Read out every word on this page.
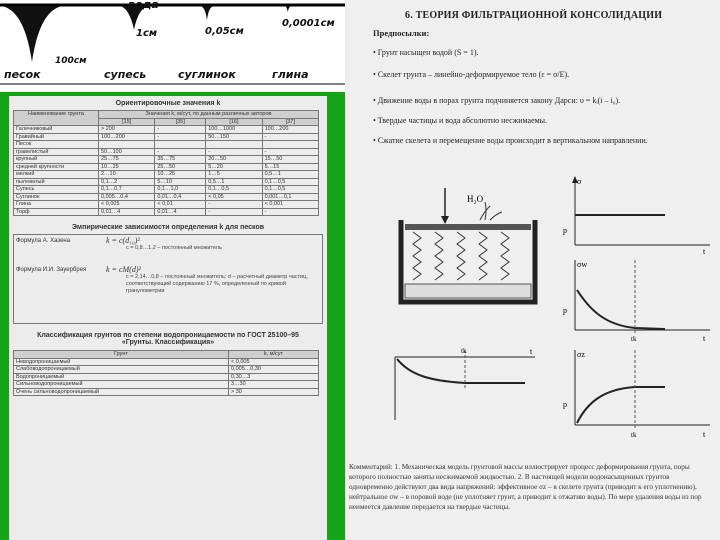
вода
1см	0,05см
0,0001см
100см
песок	супесь	суглинок	глина
Ориентировочные значения k
Наименование грунта	Значения k, м/сут, по данным различных авторов			
	[15]	[35]	[16]	[37]
Галечниковый	> 200	-	100…1000	100…200
Гравийный	100…200	-	50…150	-
Песок				
гравелистый	50…100	-	-	-
крупный	25…75	35…75	20…50	15…50
средней крупности	10…25	25…50	5…20	5…15
мелкий	2…10	10…25	1…5	0,5…1
пылеватый	0,1…2	5…10	0,5…1	0,1…0,5
Супесь	0,1…0,7	0,1…1,0	0,1…0,5	0,1…0,5
Суглинок	0,005…0,4	0,01…0,4	< 0,05	0,001…0,1
Глина	< 0,005	< 0,01	-	< 0,001
Торф	0,01…4	0,01…4	-	-
Эмпирические зависимости определения k для песков
Формула А. Хазена	k = c(d₁₀)²
c = 0,8…1,2 – постоянный множитель
Формула И.И. Зауербрея	k = cM(d)²
c = 2,14…0,8 – постоянный множитель; d – расчетный диаметр частиц, соответствующий содержанию 17 %, определенный по кривой гранулометрии
Классификация грунтов по степени водопроницаемости по ГОСТ 25100–95 «Грунты. Классификация»
Грунт	k, м/сут
Неводопроницаемый	< 0,005
Слабоводопроницаемый	0,005…0,30
Водопроницаемый	0,30…3
Сильноводопроницаемый	3…30
Очень сильноводопроницаемый	> 30
6. ТЕОРИЯ ФИЛЬТРАЦИОННОЙ КОНСОЛИДАЦИИ
Предпосылки:
• Грунт насыщен водой (S = 1).
• Скелет грунта – линейно-деформируемое тело (ε = σ/E).
• Движение воды в порах грунта подчиняется закону Дарси: υ = kᵢ(i – i₀).
• Твердые частицы и вода абсолютно несжимаемы.
• Сжатие скелета и перемещение воды происходит в вертикальном направлении.
H₂O
σ
p
t
σw
p
tk	t
tk	t	σz
p
tk	t
Комментарий: 1. Механическая модель грунтовой массы иллюстрирует процесс деформирования грунта, поры которого полностью заняты несжимаемой жидкостью. 2. В настоящей модели водонасыщенных грунтов одновременно действуют два вида напряжений: эффективное σz – в скелете грунта (приводит к его уплотнению), нейтральное σw – в поровой воде (не уплотняет грунт, а приводит к отжатию воды). По мере удаления воды из пор неимеется давление передается на твердые частицы.
